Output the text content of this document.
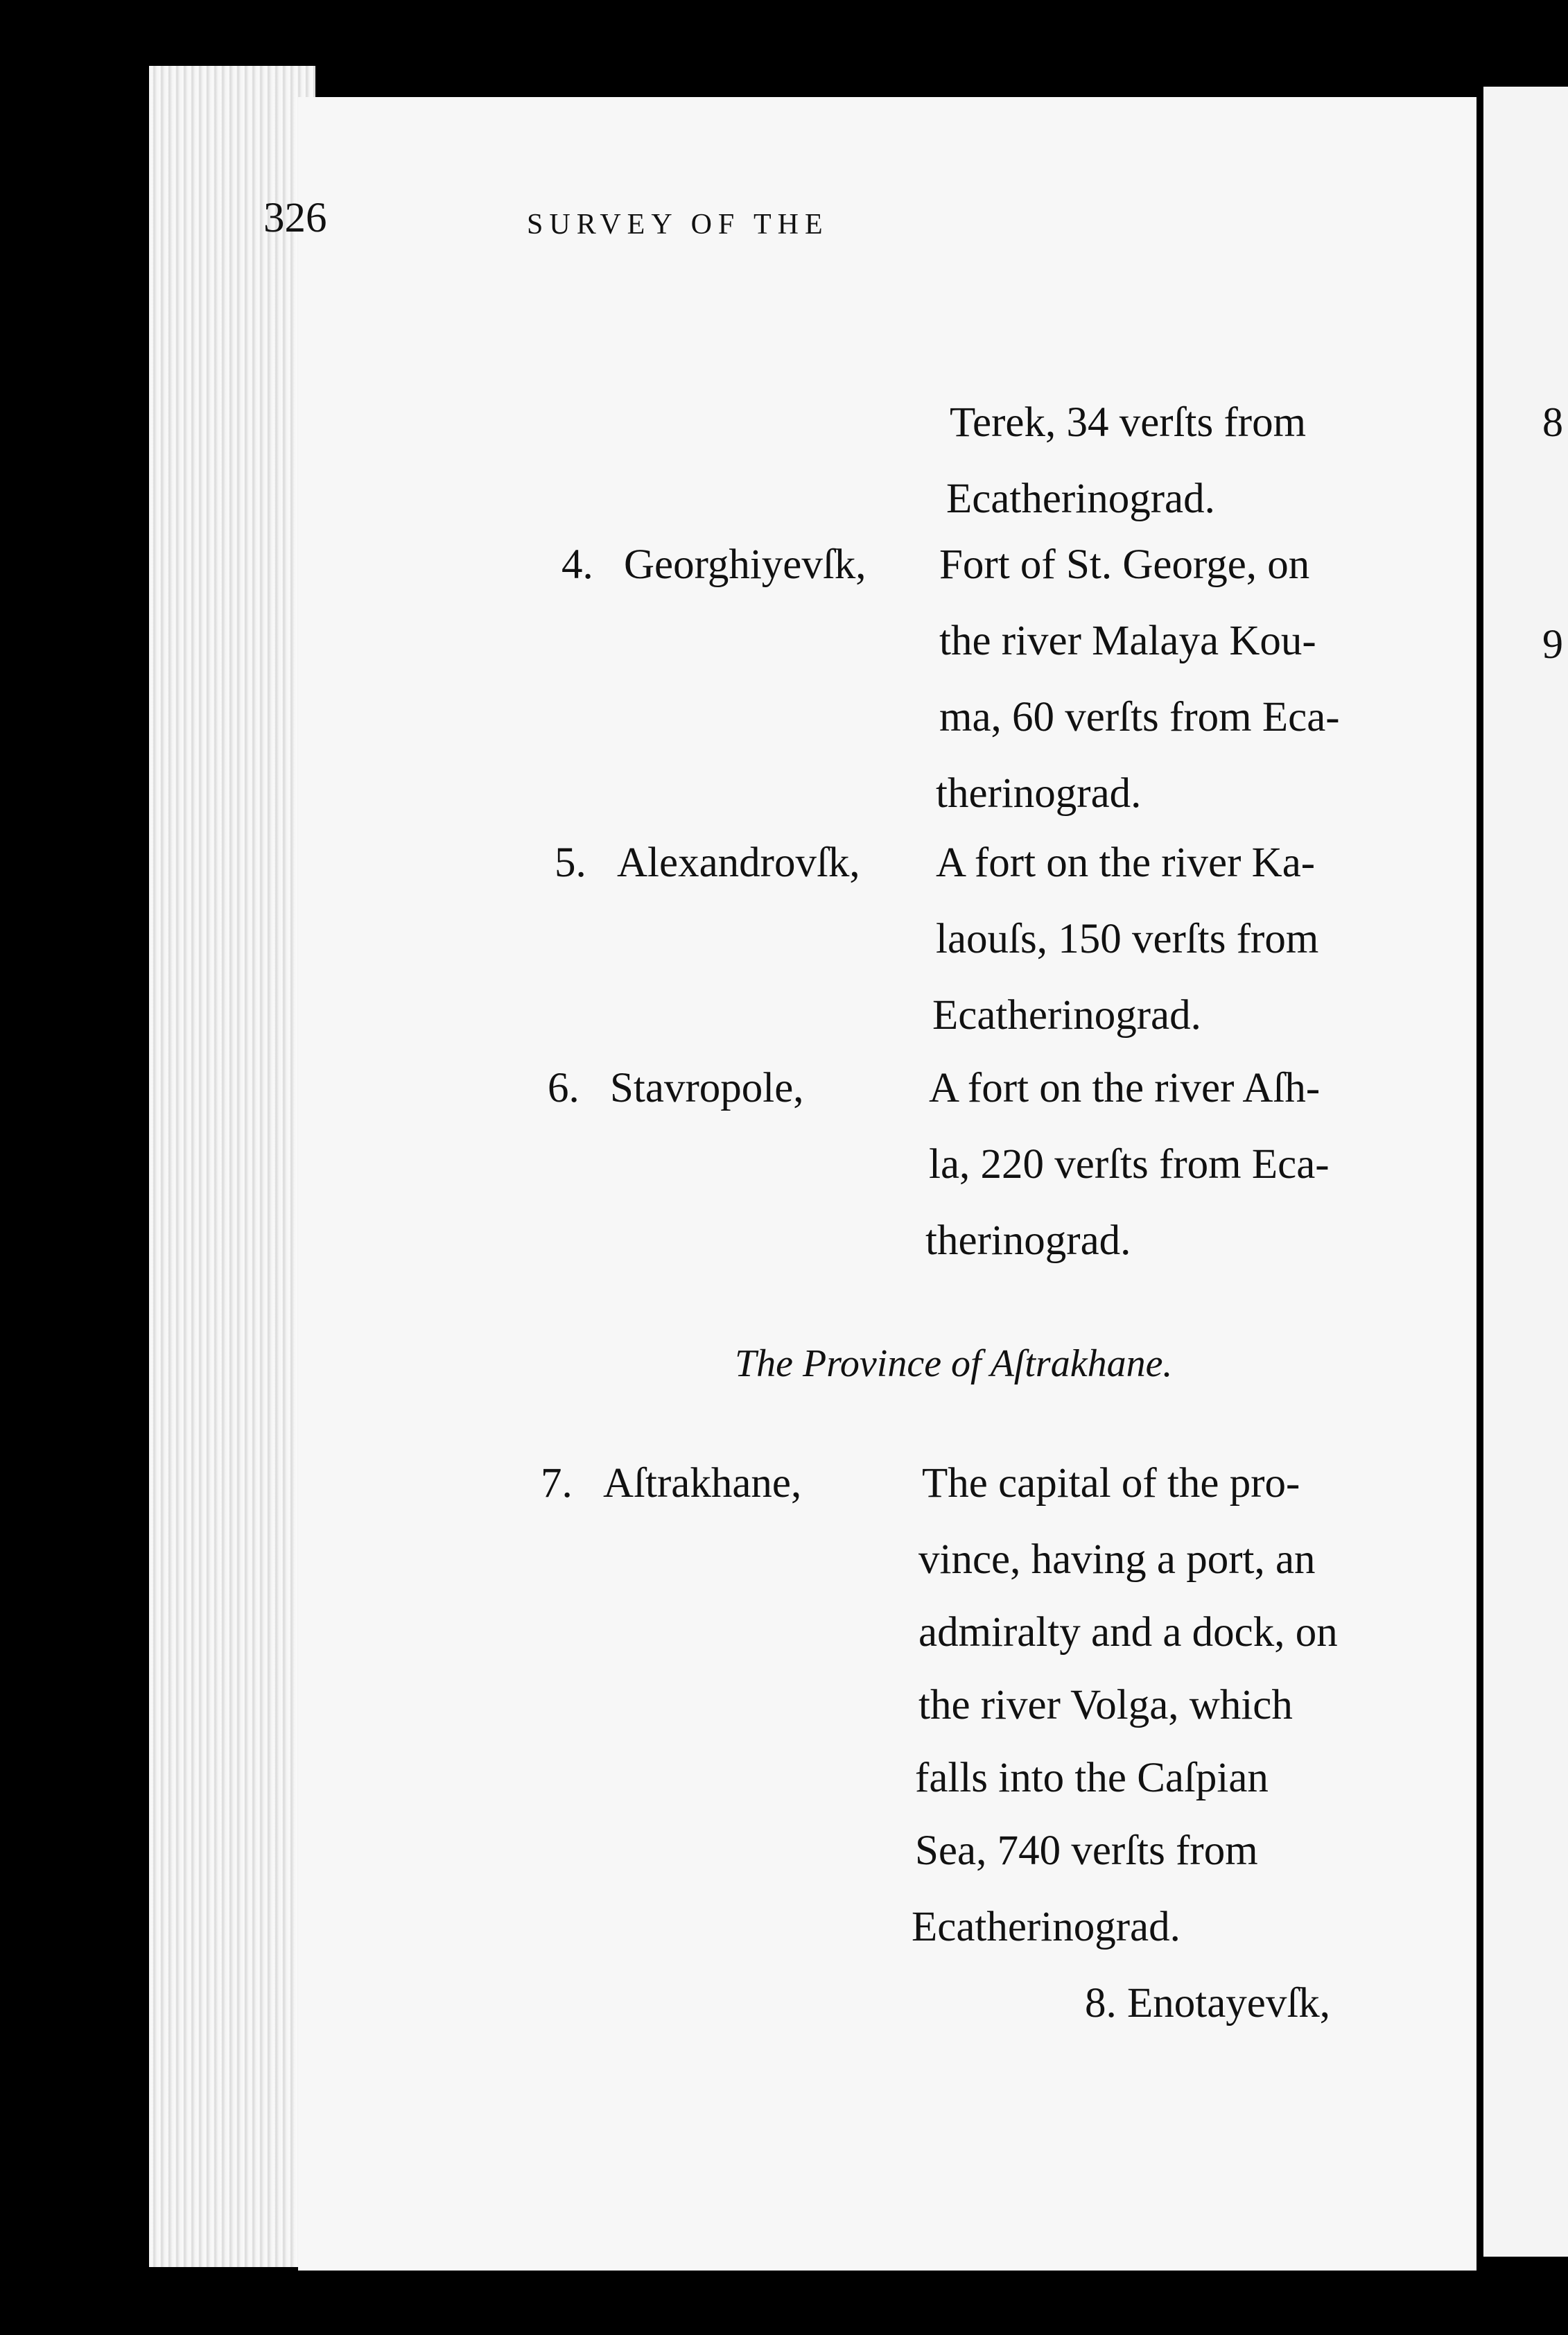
8
9
326	SURVEY OF THE
Terek, 34 verſts from
Ecatherinograd.
4. Georghiyevſk, Fort of St. George, on
the river Malaya Kou-
ma, 60 verſts from Eca-
therinograd.
5. Alexandrovſk, A fort on the river Ka-
laouſs, 150 verſts from
Ecatherinograd.
6. Stavropole,	A fort on the river Aſh-
la, 220 verſts from Eca-
therinograd.
The Province of Aſtrakhane.
7. Aſtrakhane,	The capital of the pro-
vince, having a port, an
admiralty and a dock, on
the river Volga, which
falls into the Caſpian
Sea, 740 verſts from
Ecatherinograd.
8. Enotayevſk,
